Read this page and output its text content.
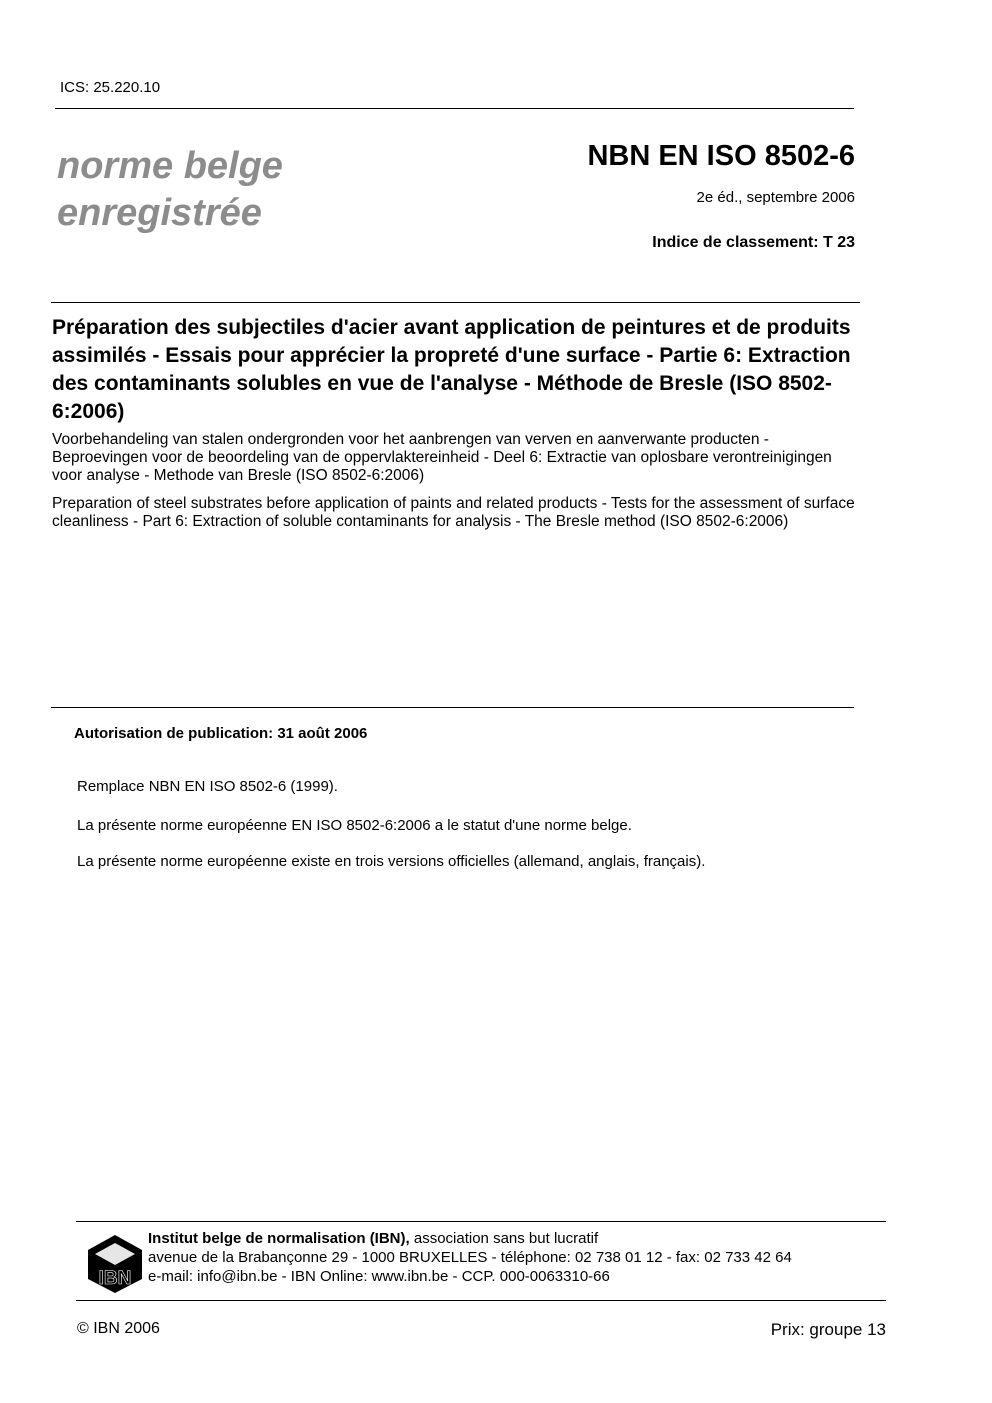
ICS: 25.220.10
norme belge
enregistrée
NBN EN ISO 8502-6
2e éd., septembre 2006
Indice de classement: T 23
Préparation des subjectiles d'acier avant application de peintures et de produits assimilés - Essais pour apprécier la propreté d'une surface - Partie 6: Extraction des contaminants solubles en vue de l'analyse - Méthode de Bresle (ISO 8502-6:2006)
Voorbehandeling van stalen ondergronden voor het aanbrengen van verven en aanverwante producten - Beproevingen voor de beoordeling van de oppervlaktereinheid - Deel 6: Extractie van oplosbare verontreinigingen voor analyse - Methode van Bresle (ISO 8502-6:2006)
Preparation of steel substrates before application of paints and related products - Tests for the assessment of surface cleanliness - Part 6: Extraction of soluble contaminants for analysis - The Bresle method (ISO 8502-6:2006)
Autorisation de publication: 31 août 2006
Remplace NBN EN ISO 8502-6 (1999).
La présente norme européenne EN ISO 8502-6:2006 a le statut d'une norme belge.
La présente norme européenne existe en trois versions officielles (allemand, anglais, français).
IBN
Institut belge de normalisation (IBN), association sans but lucratif
avenue de la Brabançonne 29 - 1000 BRUXELLES - téléphone: 02 738 01 12 - fax: 02 733 42 64
e-mail: info@ibn.be - IBN Online: www.ibn.be - CCP. 000-0063310-66
© IBN 2006	Prix: groupe 13
